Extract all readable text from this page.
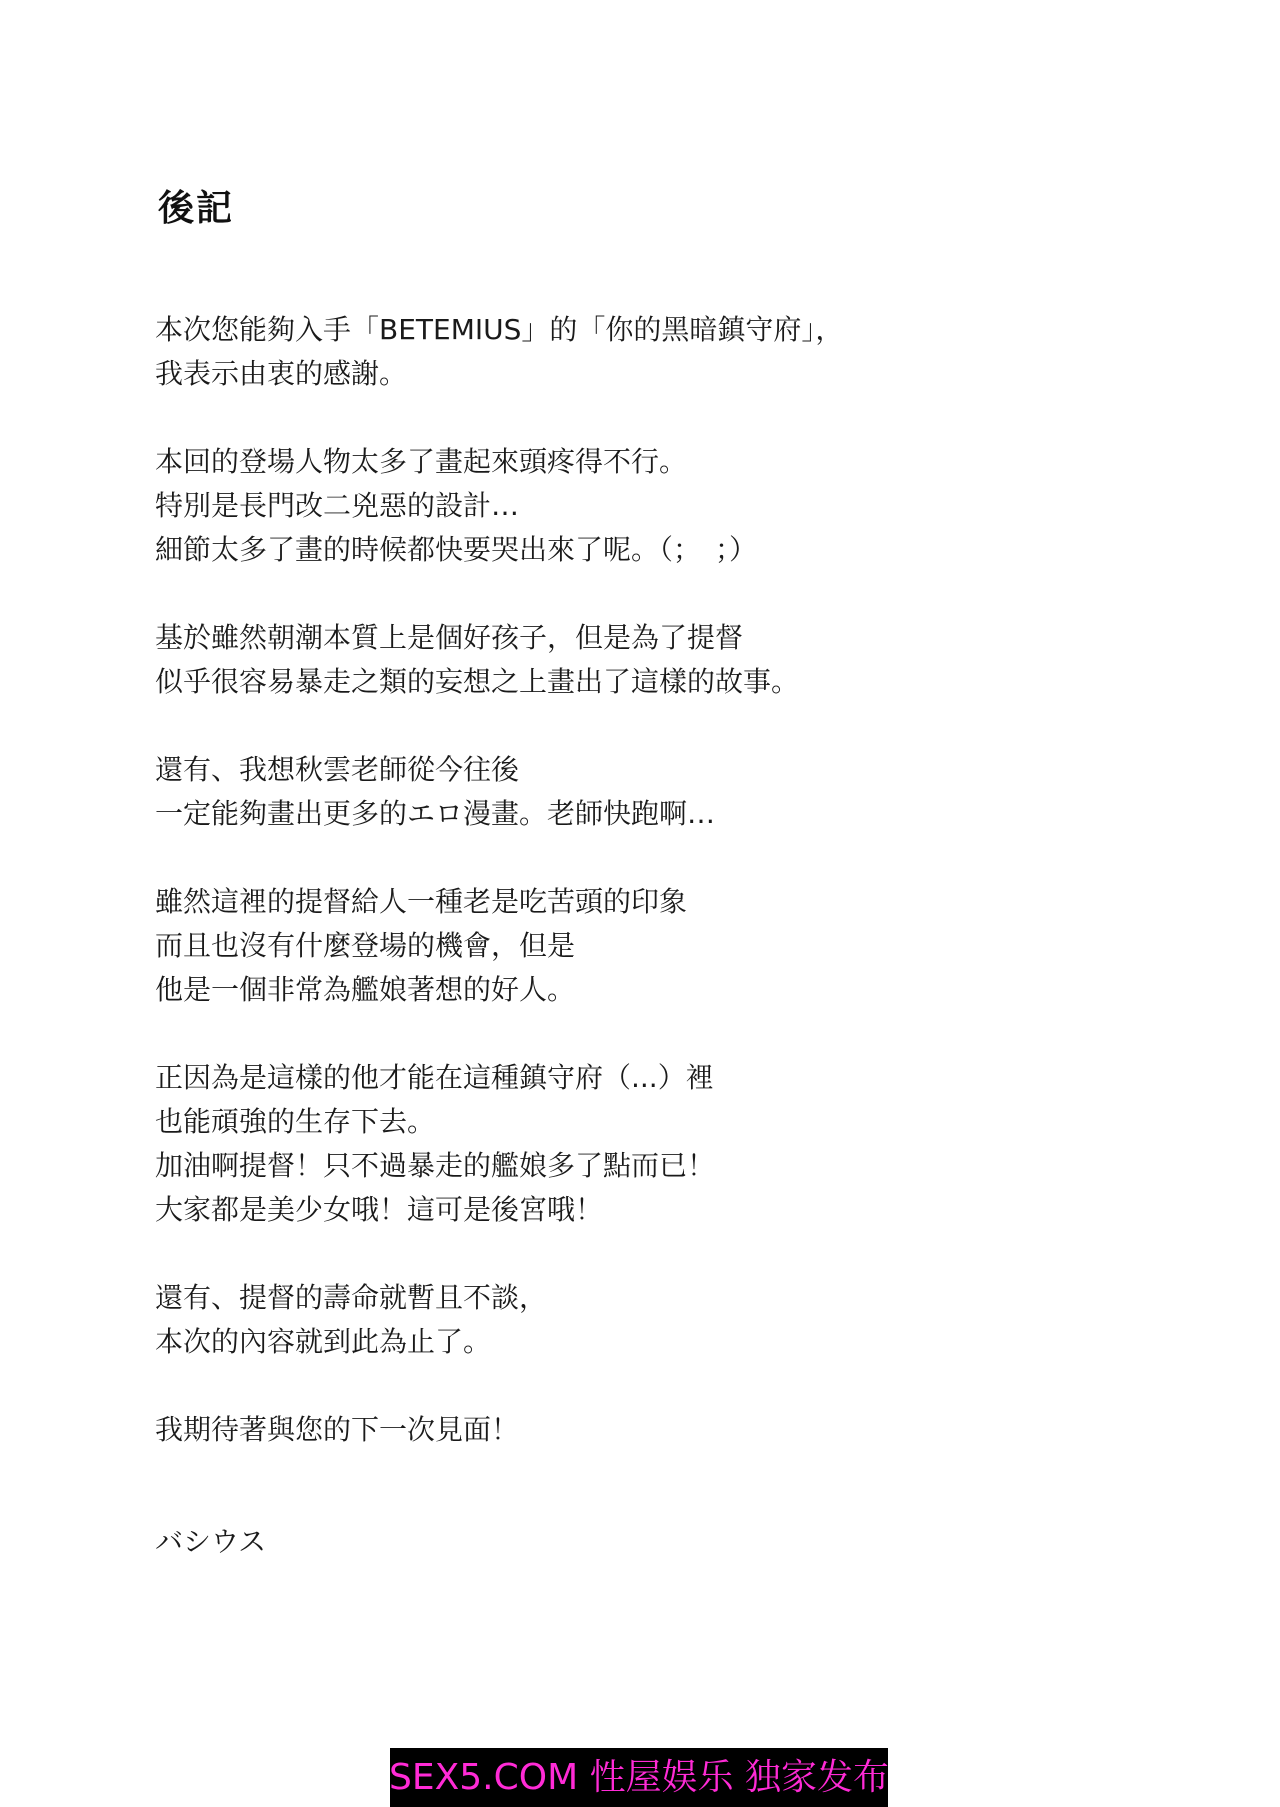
後記
本次您能夠入手「BETEMIUS」的「你的黑暗鎮守府」，
我表示由衷的感謝。
本回的登場人物太多了畫起來頭疼得不行。
特別是長門改二兇惡的設計…
細節太多了畫的時候都快要哭出來了呢。（；　；）
基於雖然朝潮本質上是個好孩子，但是為了提督
似乎很容易暴走之類的妄想之上畫出了這樣的故事。
還有、我想秋雲老師從今往後
一定能夠畫出更多的エロ漫畫。老師快跑啊…
雖然這裡的提督給人一種老是吃苦頭的印象
而且也沒有什麼登場的機會，但是
他是一個非常為艦娘著想的好人。
正因為是這樣的他才能在這種鎮守府（...）裡
也能頑強的生存下去。
加油啊提督！只不過暴走的艦娘多了點而已！
大家都是美少女哦！這可是後宮哦！
還有、提督的壽命就暫且不談，
本次的內容就到此為止了。
我期待著與您的下一次見面！

バシウス

SEX5.COM 性屋娱乐 独家发布
